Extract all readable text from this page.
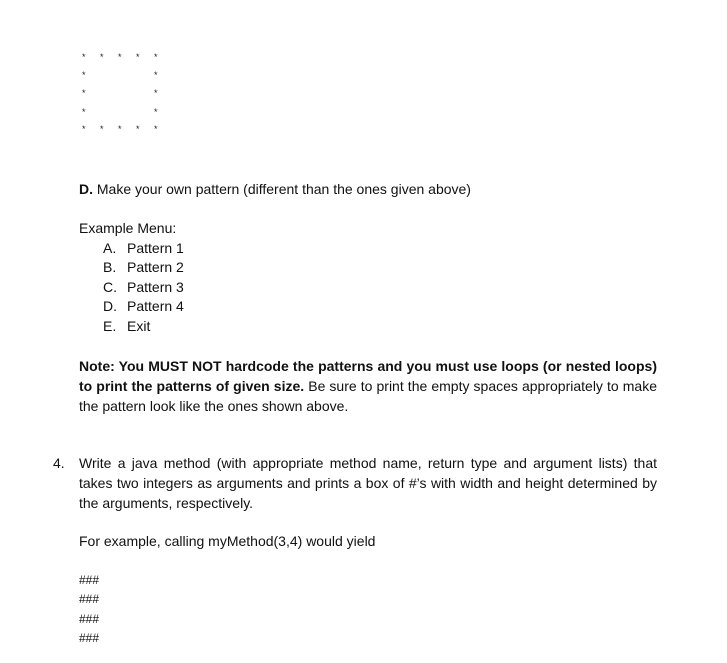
* * * * *
*	*
*	*
*	*
* * * * *
D. Make your own pattern (different than the ones given above)
Example Menu:
A. Pattern 1
B. Pattern 2
C. Pattern 3
D. Pattern 4
E. Exit
Note: You MUST NOT hardcode the patterns and you must use loops (or nested loops) to print the patterns of given size. Be sure to print the empty spaces appropriately to make the pattern look like the ones shown above.
4. Write a java method (with appropriate method name, return type and argument lists) that takes two integers as arguments and prints a box of #’s with width and height determined by the arguments, respectively.
For example, calling myMethod(3,4) would yield
###
###
###
###
